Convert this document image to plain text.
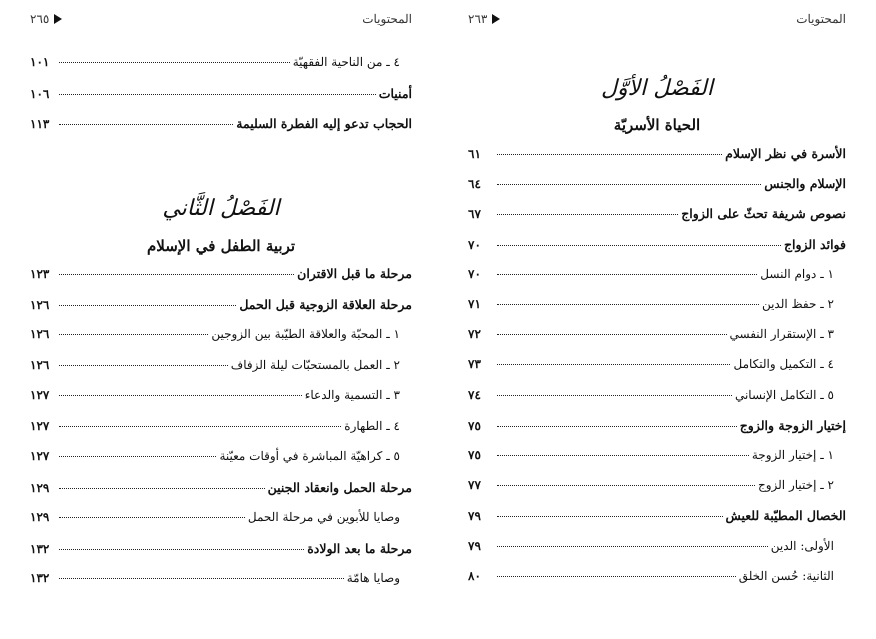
المحتويات
٢٦٥
٤ ـ من الناحية الفقهيّة
١٠١
أمنيات
١٠٦
الحجاب تدعو إليه الفطرة السليمة
١١٣
الفَصْلُ الثَّاني
تربية الطفل في الإسلام
مرحلة ما قبل الاقتران
١٢٣
مرحلة العلاقة الزوجية قبل الحمل
١٢٦
١ ـ المحبّة والعلاقة الطيّبة بين الزوجين
١٢٦
٢ ـ العمل بالمستحبّات ليلة الزفاف
١٢٦
٣ ـ التسمية والدعاء
١٢٧
٤ ـ الطهارة
١٢٧
٥ ـ كراهيّة المباشرة في أوقات معيّنة
١٢٧
مرحلة الحمل وانعقاد الجنين
١٢٩
وصايا للأبوين في مرحلة الحمل
١٢٩
مرحلة ما بعد الولادة
١٣٢
وصايا هامّة
١٣٢
المحتويات
٢٦٣
الفَصْلُ الأوَّل
الحياة الأسريّة
الأسرة في نظر الإسلام
٦١
الإسلام والجنس
٦٤
نصوص شريفة تحثّ على الزواج
٦٧
فوائد الزواج
٧٠
١ ـ دوام النسل
٧٠
٢ ـ حفظ الدين
٧١
٣ ـ الإستقرار النفسي
٧٢
٤ ـ التكميل والتكامل
٧٣
٥ ـ التكامل الإنساني
٧٤
إختيار الزوجة والزوج
٧٥
١ ـ إختيار الزوجة
٧٥
٢ ـ إختيار الزوج
٧٧
الخصال المطيّبة للعيش
٧٩
الأولى: الدين
٧٩
الثانية: حُسن الخلق
٨٠
